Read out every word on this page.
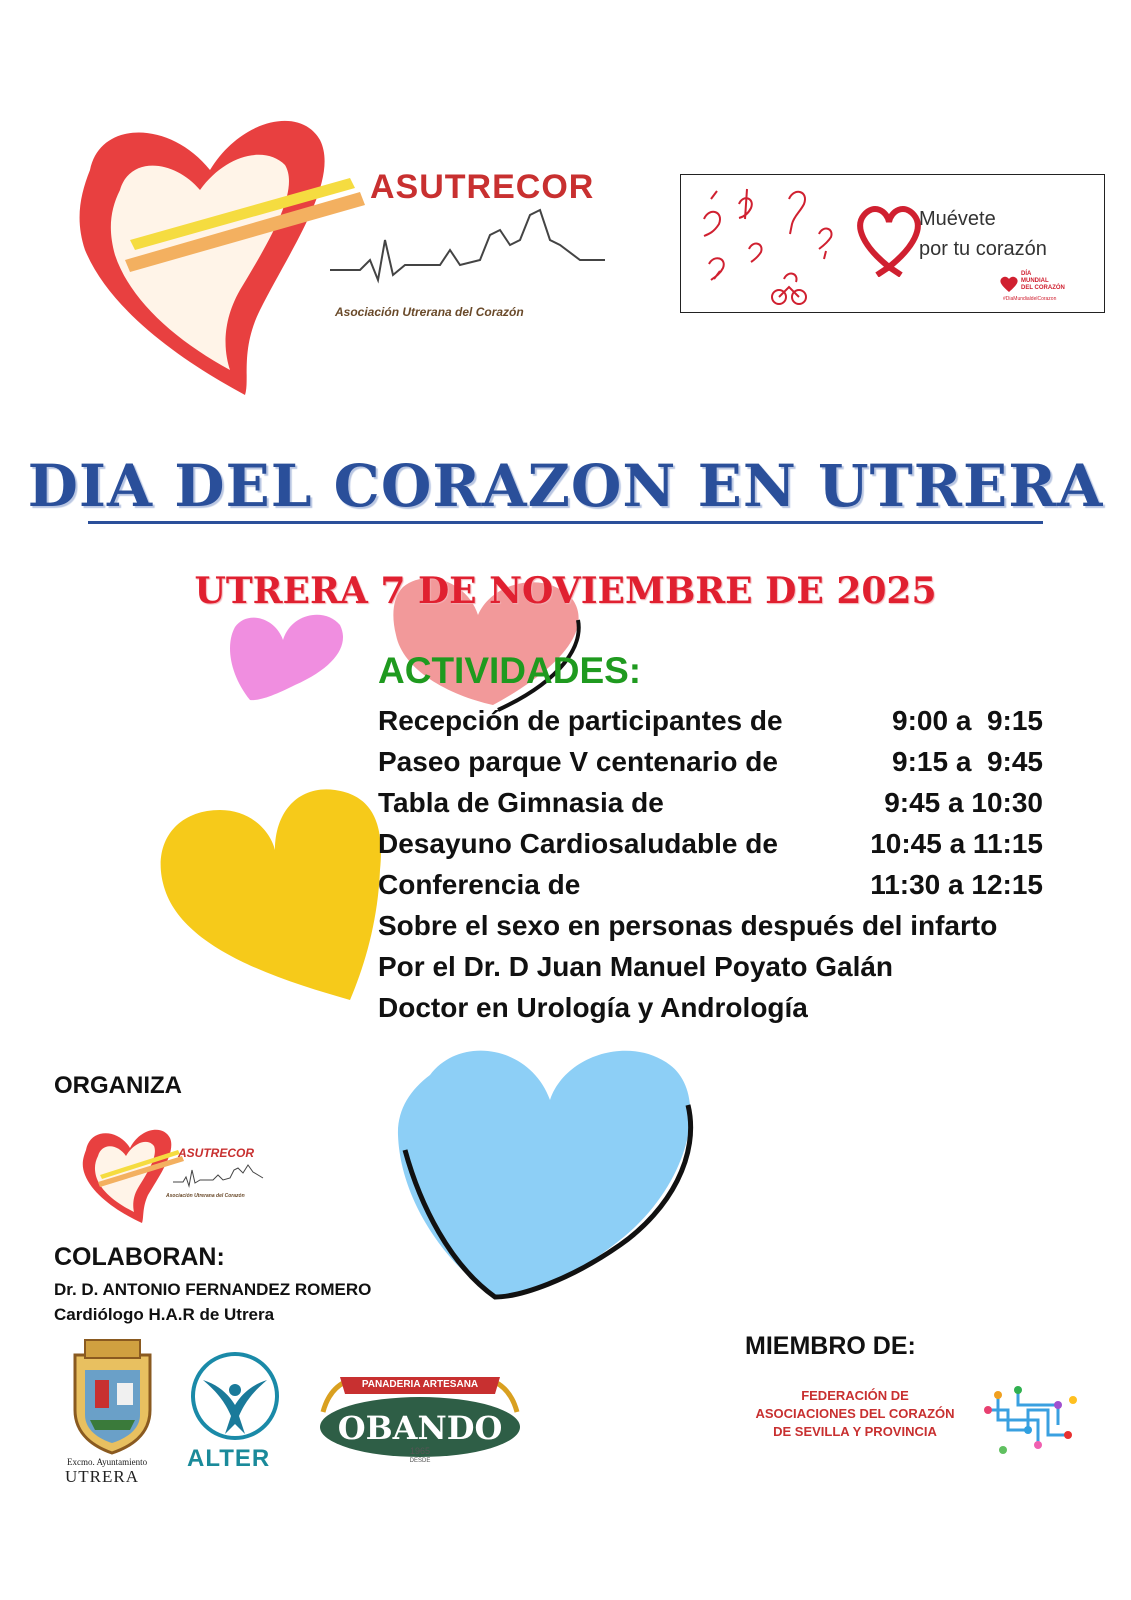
ASUTRECOR
Asociación Utrerana del Corazón
Muévete
por tu corazón
DÍA
MUNDIAL
DEL CORAZÓN
#DiaMundialdelCorazon
DIA DEL CORAZON EN UTRERA
UTRERA 7 DE NOVIEMBRE DE 2025
ACTIVIDADES:
Recepción de participantes de	9:00 a  9:15
Paseo parque V centenario de	9:15 a  9:45
Tabla de Gimnasia de	9:45 a 10:30
Desayuno Cardiosaludable de	10:45 a 11:15
Conferencia de	11:30 a 12:15
Sobre el sexo en personas después del infarto
Por el Dr. D Juan Manuel Poyato Galán
Doctor en Urología y Andrología
ORGANIZA
ASUTRECOR
Asociación Utrerana del Corazón
COLABORAN:
Dr. D. ANTONIO FERNANDEZ ROMERO
Cardiólogo H.A.R de Utrera
Excmo. Ayuntamiento
UTRERA
ALTER
PANADERIA ARTESANA
OBANDO
1965
DESDE
MIEMBRO DE:
FEDERACIÓN DE
ASOCIACIONES DEL CORAZÓN
DE SEVILLA Y PROVINCIA
